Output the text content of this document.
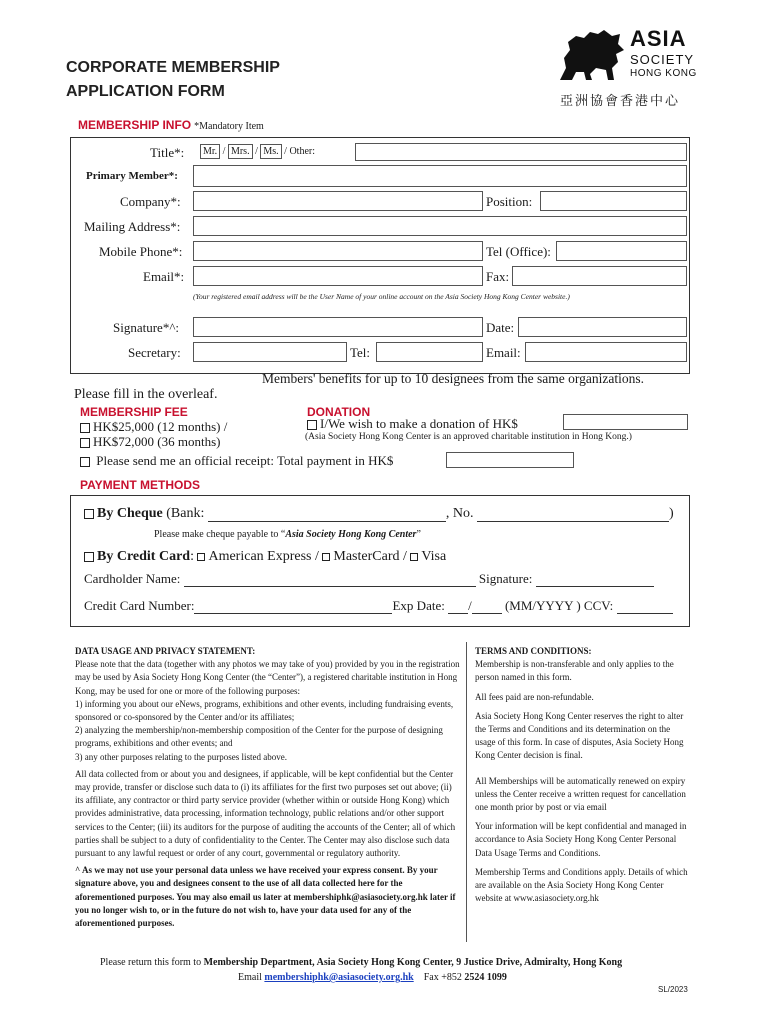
CORPORATE MEMBERSHIP
APPLICATION FORM
ASIA
SOCIETY
HONG KONG
亞洲協會香港中心
MEMBERSHIP INFO *Mandatory Item
Title*:	Mr. / Mrs. / Ms. / Other:
Primary Member*:
Company*:	Position:
Mailing Address*:
Mobile Phone*:	Tel (Office):
Email*:	Fax:
(Your registered email address will be the User Name of your online account on the Asia Society Hong Kong Center website.)
Signature*^:	Date:
Secretary:	Tel:	Email:
Members' benefits for up to 10 designees from the same organizations.
Please fill in the overleaf.
MEMBERSHIP FEE
HK$25,000 (12 months) /
HK$72,000 (36 months)
DONATION
I/We wish to make a donation of HK$
(Asia Society Hong Kong Center is an approved charitable institution in Hong Kong.)
Please send me an official receipt: Total payment in HK$
PAYMENT METHODS
By Cheque (Bank:	, No.	)
Please make cheque payable to “Asia Society Hong Kong Center”
By Credit Card: American Express / MasterCard / Visa
Cardholder Name:	Signature:
Credit Card Number:	Exp Date: /	(MM/YYYY ) CCV:
DATA USAGE AND PRIVACY STATEMENT:
Please note that the data (together with any photos we may take of you) provided by you in the registration may be used by Asia Society Hong Kong Center (the “Center”), a registered charitable institution in Hong Kong, may be used for one or more of the following purposes:
1) informing you about our eNews, programs, exhibitions and other events, including fundraising events, sponsored or co-sponsored by the Center and/or its affiliates;
2) analyzing the membership/non-membership composition of the Center for the purpose of designing programs, exhibitions and other events; and
3) any other purposes relating to the purposes listed above.
All data collected from or about you and designees, if applicable, will be kept confidential but the Center may provide, transfer or disclose such data to (i) its affiliates for the first two purposes set out above; (ii) its affiliate, any contractor or third party service provider (whether within or outside Hong Kong) which provides administrative, data processing, information technology, public relations and/or other support services to the Center; (iii) its auditors for the purpose of auditing the accounts of the Center; all of which parties shall be subject to a duty of confidentiality to the Center. The Center may also disclose such data pursuant to any lawful request or order of any court, governmental or regulatory authority.
^ As we may not use your personal data unless we have received your express consent. By your signature above, you and designees consent to the use of all data collected here for the aforementioned purposes. You may also email us later at membershiphk@asiasociety.org.hk later if you no longer wish to, or in the future do not wish to, have your data used for any of the aforementioned purposes.

TERMS AND CONDITIONS:

Membership is non-transferable and only applies to the person named in this form.

All fees paid are non-refundable.

Asia Society Hong Kong Center reserves the right to alter the Terms and Conditions and its determination on the usage of this form. In case of disputes, Asia Society Hong Kong Center decision is final.

All Memberships will be automatically renewed on expiry unless the Center receive a written request for cancellation one month prior by post or via email

Your information will be kept confidential and managed in accordance to Asia Society Hong Kong Center Personal Data Usage Terms and Conditions.

Membership Terms and Conditions apply. Details of which are available on the Asia Society Hong Kong Center website at www.asiasociety.org.hk

Please return this form to Membership Department, Asia Society Hong Kong Center, 9 Justice Drive, Admiralty, Hong Kong
Email membershiphk@asiasociety.org.hk Fax +852 2524 1099
SL/2023
